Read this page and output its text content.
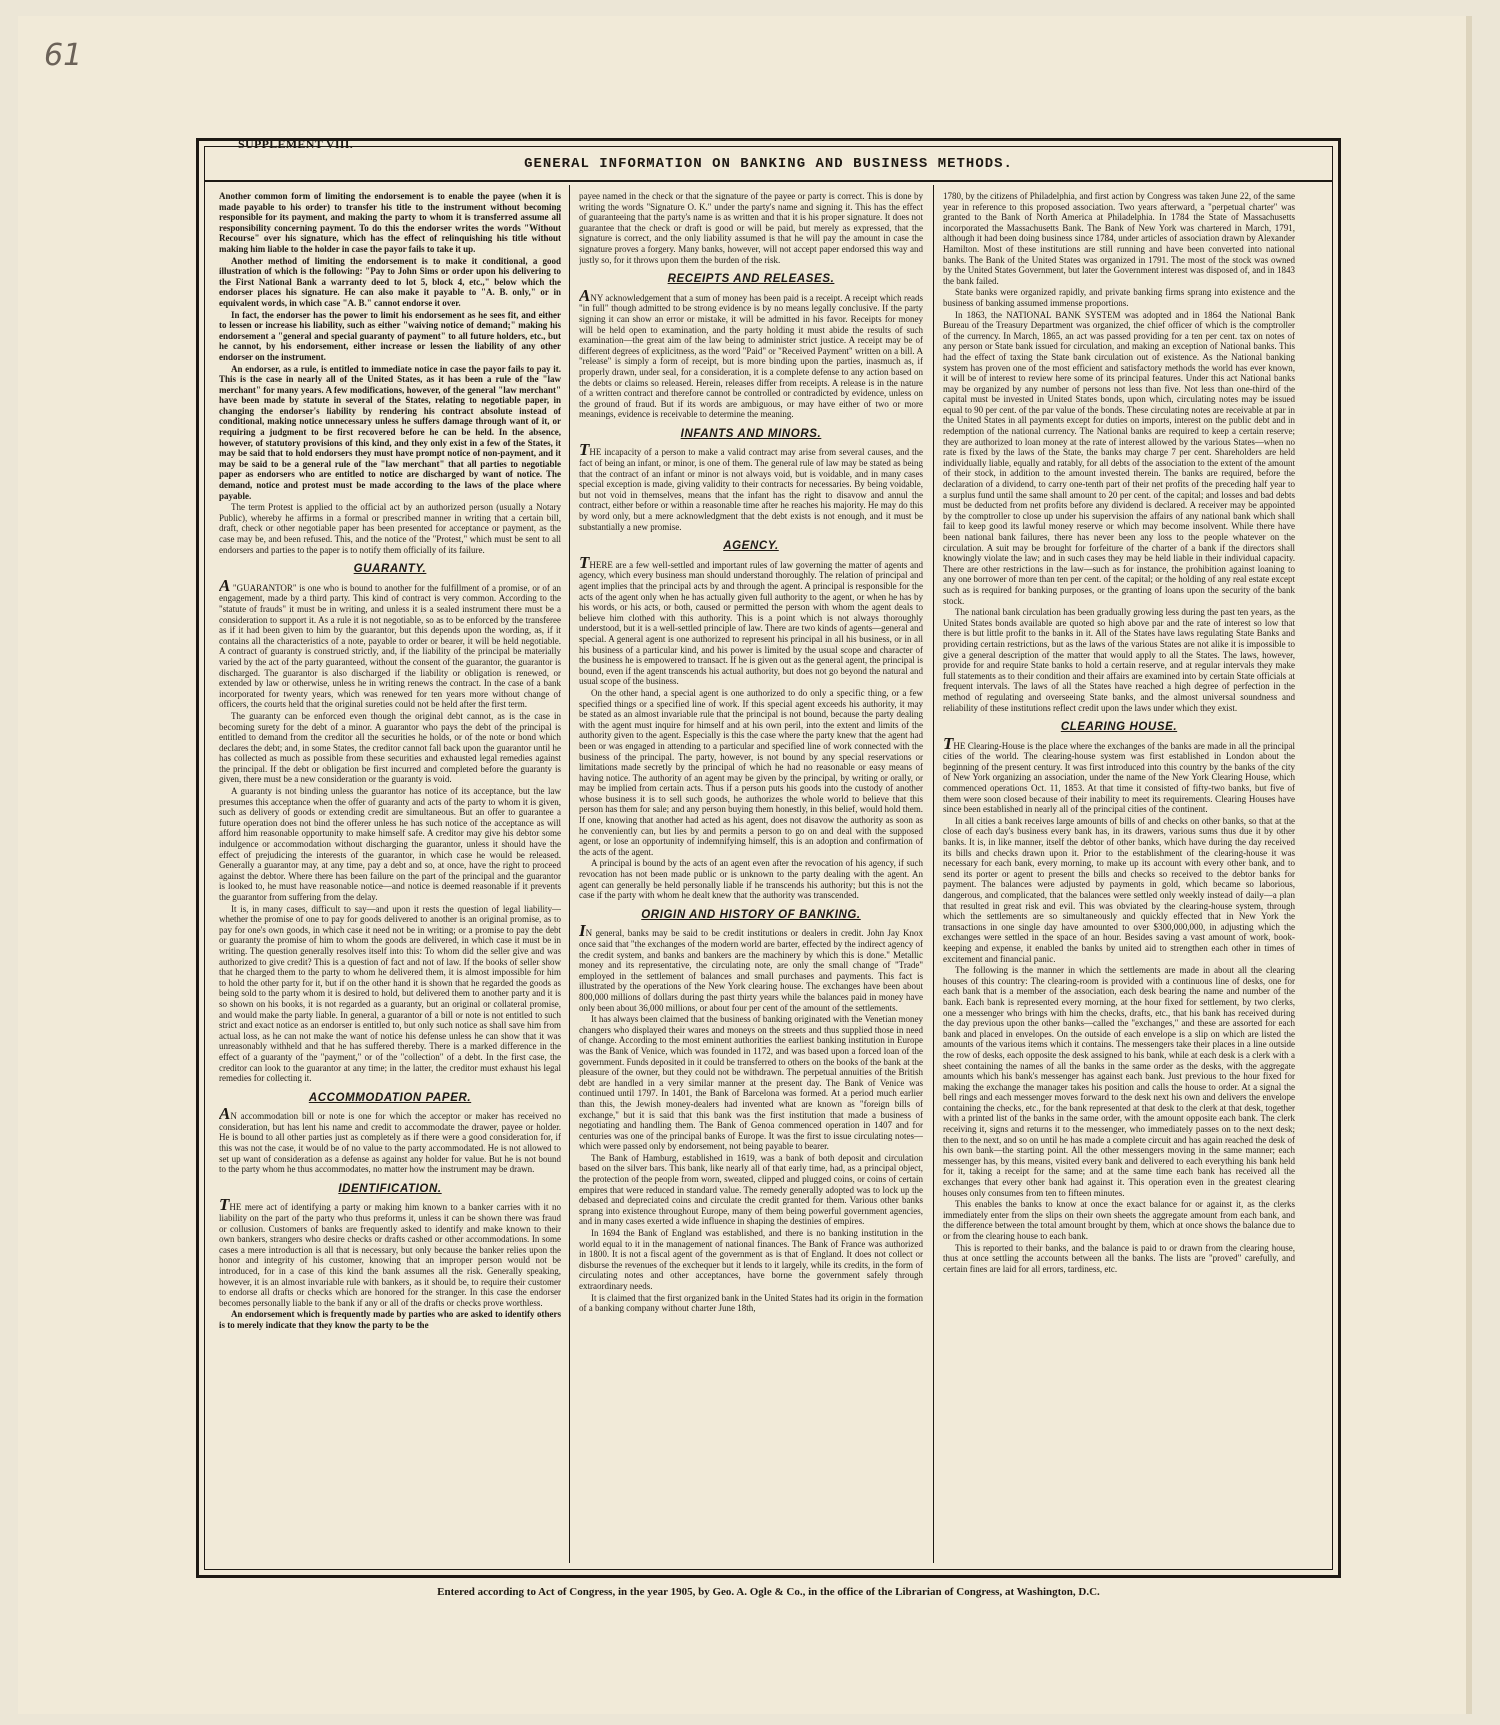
61
SUPPLEMENT VIII.
GENERAL INFORMATION ON BANKING AND BUSINESS METHODS.

Another common form of limiting the endorsement is to enable the payee (when it is made payable to his order) to transfer his title to the instrument without becoming responsible for its payment, and making the party to whom it is transferred assume all responsibility concerning payment. To do this the endorser writes the words "Without Recourse" over his signature, which has the effect of relinquishing his title without making him liable to the holder in case the payor fails to take it up.

Another method of limiting the endorsement is to make it conditional, a good illustration of which is the following: "Pay to John Sims or order upon his delivering to the First National Bank a warranty deed to lot 5, block 4, etc.," below which the endorser places his signature. He can also make it payable to "A. B. only," or in equivalent words, in which case "A. B." cannot endorse it over.

In fact, the endorser has the power to limit his endorsement as he sees fit, and either to lessen or increase his liability, such as either "waiving notice of demand;" making his endorsement a "general and special guaranty of payment" to all future holders, etc., but he cannot, by his endorsement, either increase or lessen the liability of any other endorser on the instrument.

An endorser, as a rule, is entitled to immediate notice in case the payor fails to pay it. This is the case in nearly all of the United States, as it has been a rule of the "law merchant" for many years. A few modifications, however, of the general "law merchant" have been made by statute in several of the States, relating to negotiable paper, in changing the endorser's liability by rendering his contract absolute instead of conditional, making notice unnecessary unless he suffers damage through want of it, or requiring a judgment to be first recovered before he can be held. In the absence, however, of statutory provisions of this kind, and they only exist in a few of the States, it may be said that to hold endorsers they must have prompt notice of non-payment, and it may be said to be a general rule of the "law merchant" that all parties to negotiable paper as endorsers who are entitled to notice are discharged by want of notice. The demand, notice and protest must be made according to the laws of the place where payable.

The term Protest is applied to the official act by an authorized person (usually a Notary Public), whereby he affirms in a formal or prescribed manner in writing that a certain bill, draft, check or other negotiable paper has been presented for acceptance or payment, as the case may be, and been refused. This, and the notice of the "Protest," which must be sent to all endorsers and parties to the paper is to notify them officially of its failure.

GUARANTY.

A "GUARANTOR" is one who is bound to another for the fulfillment of a promise, or of an engagement, made by a third party. This kind of contract is very common. According to the "statute of frauds" it must be in writing, and unless it is a sealed instrument there must be a consideration to support it. As a rule it is not negotiable, so as to be enforced by the transferee as if it had been given to him by the guarantor, but this depends upon the wording, as, if it contains all the characteristics of a note, payable to order or bearer, it will be held negotiable. A contract of guaranty is construed strictly, and, if the liability of the principal be materially varied by the act of the party guaranteed, without the consent of the guarantor, the guarantor is discharged. The guarantor is also discharged if the liability or obligation is renewed, or extended by law or otherwise, unless he in writing renews the contract. In the case of a bank incorporated for twenty years, which was renewed for ten years more without change of officers, the courts held that the original sureties could not be held after the first term.

The guaranty can be enforced even though the original debt cannot, as is the case in becoming surety for the debt of a minor. A guarantor who pays the debt of the principal is entitled to demand from the creditor all the securities he holds, or of the note or bond which declares the debt; and, in some States, the creditor cannot fall back upon the guarantor until he has collected as much as possible from these securities and exhausted legal remedies against the principal. If the debt or obligation be first incurred and completed before the guaranty is given, there must be a new consideration or the guaranty is void.

A guaranty is not binding unless the guarantor has notice of its acceptance, but the law presumes this acceptance when the offer of guaranty and acts of the party to whom it is given, such as delivery of goods or extending credit are simultaneous. But an offer to guarantee a future operation does not bind the offerer unless he has such notice of the acceptance as will afford him reasonable opportunity to make himself safe. A creditor may give his debtor some indulgence or accommodation without discharging the guarantor, unless it should have the effect of prejudicing the interests of the guarantor, in which case he would be released. Generally a guarantor may, at any time, pay a debt and so, at once, have the right to proceed against the debtor. Where there has been failure on the part of the principal and the guarantor is looked to, he must have reasonable notice—and notice is deemed reasonable if it prevents the guarantor from suffering from the delay.

It is, in many cases, difficult to say—and upon it rests the question of legal liability—whether the promise of one to pay for goods delivered to another is an original promise, as to pay for one's own goods, in which case it need not be in writing; or a promise to pay the debt or guaranty the promise of him to whom the goods are delivered, in which case it must be in writing. The question generally resolves itself into this: To whom did the seller give and was authorized to give credit? This is a question of fact and not of law. If the books of seller show that he charged them to the party to whom he delivered them, it is almost impossible for him to hold the other party for it, but if on the other hand it is shown that he regarded the goods as being sold to the party whom it is desired to hold, but delivered them to another party and it is so shown on his books, it is not regarded as a guaranty, but an original or collateral promise, and would make the party liable. In general, a guarantor of a bill or note is not entitled to such strict and exact notice as an endorser is entitled to, but only such notice as shall save him from actual loss, as he can not make the want of notice his defense unless he can show that it was unreasonably withheld and that he has suffered thereby. There is a marked difference in the effect of a guaranty of the "payment," or of the "collection" of a debt. In the first case, the creditor can look to the guarantor at any time; in the latter, the creditor must exhaust his legal remedies for collecting it.

ACCOMMODATION PAPER.

AN accommodation bill or note is one for which the acceptor or maker has received no consideration, but has lent his name and credit to accommodate the drawer, payee or holder. He is bound to all other parties just as completely as if there were a good consideration for, if this was not the case, it would be of no value to the party accommodated. He is not allowed to set up want of consideration as a defense as against any holder for value. But he is not bound to the party whom he thus accommodates, no matter how the instrument may be drawn.

IDENTIFICATION.

THE mere act of identifying a party or making him known to a banker carries with it no liability on the part of the party who thus preforms it, unless it can be shown there was fraud or collusion. Customers of banks are frequently asked to identify and make known to their own bankers, strangers who desire checks or drafts cashed or other accommodations. In some cases a mere introduction is all that is necessary, but only because the banker relies upon the honor and integrity of his customer, knowing that an improper person would not be introduced, for in a case of this kind the bank assumes all the risk. Generally speaking, however, it is an almost invariable rule with bankers, as it should be, to require their customer to endorse all drafts or checks which are honored for the stranger. In this case the endorser becomes personally liable to the bank if any or all of the drafts or checks prove worthless.

An endorsement which is frequently made by parties who are asked to identify others is to merely indicate that they know the party to be the

payee named in the check or that the signature of the payee or party is correct. This is done by writing the words "Signature O. K." under the party's name and signing it. This has the effect of guaranteeing that the party's name is as written and that it is his proper signature. It does not guarantee that the check or draft is good or will be paid, but merely as expressed, that the signature is correct, and the only liability assumed is that he will pay the amount in case the signature proves a forgery. Many banks, however, will not accept paper endorsed this way and justly so, for it throws upon them the burden of the risk.

RECEIPTS AND RELEASES.

ANY acknowledgement that a sum of money has been paid is a receipt. A receipt which reads "in full" though admitted to be strong evidence is by no means legally conclusive. If the party signing it can show an error or mistake, it will be admitted in his favor. Receipts for money will be held open to examination, and the party holding it must abide the results of such examination—the great aim of the law being to administer strict justice. A receipt may be of different degrees of explicitness, as the word "Paid" or "Received Payment" written on a bill. A "release" is simply a form of receipt, but is more binding upon the parties, inasmuch as, if properly drawn, under seal, for a consideration, it is a complete defense to any action based on the debts or claims so released. Herein, releases differ from receipts. A release is in the nature of a written contract and therefore cannot be controlled or contradicted by evidence, unless on the ground of fraud. But if its words are ambiguous, or may have either of two or more meanings, evidence is receivable to determine the meaning.

INFANTS AND MINORS.

THE incapacity of a person to make a valid contract may arise from several causes, and the fact of being an infant, or minor, is one of them. The general rule of law may be stated as being that the contract of an infant or minor is not always void, but is voidable, and in many cases special exception is made, giving validity to their contracts for necessaries. By being voidable, but not void in themselves, means that the infant has the right to disavow and annul the contract, either before or within a reasonable time after he reaches his majority. He may do this by word only, but a mere acknowledgment that the debt exists is not enough, and it must be substantially a new promise.

AGENCY.

THERE are a few well-settled and important rules of law governing the matter of agents and agency, which every business man should understand thoroughly. The relation of principal and agent implies that the principal acts by and through the agent. A principal is responsible for the acts of the agent only when he has actually given full authority to the agent, or when he has by his words, or his acts, or both, caused or permitted the person with whom the agent deals to believe him clothed with this authority. This is a point which is not always thoroughly understood, but it is a well-settled principle of law. There are two kinds of agents—general and special. A general agent is one authorized to represent his principal in all his business, or in all his business of a particular kind, and his power is limited by the usual scope and character of the business he is empowered to transact. If he is given out as the general agent, the principal is bound, even if the agent transcends his actual authority, but does not go beyond the natural and usual scope of the business.

On the other hand, a special agent is one authorized to do only a specific thing, or a few specified things or a specified line of work. If this special agent exceeds his authority, it may be stated as an almost invariable rule that the principal is not bound, because the party dealing with the agent must inquire for himself and at his own peril, into the extent and limits of the authority given to the agent. Especially is this the case where the party knew that the agent had been or was engaged in attending to a particular and specified line of work connected with the business of the principal. The party, however, is not bound by any special reservations or limitations made secretly by the principal of which he had no reasonable or easy means of having notice. The authority of an agent may be given by the principal, by writing or orally, or may be implied from certain acts. Thus if a person puts his goods into the custody of another whose business it is to sell such goods, he authorizes the whole world to believe that this person has them for sale; and any person buying them honestly, in this belief, would hold them. If one, knowing that another had acted as his agent, does not disavow the authority as soon as he conveniently can, but lies by and permits a person to go on and deal with the supposed agent, or lose an opportunity of indemnifying himself, this is an adoption and confirmation of the acts of the agent.

A principal is bound by the acts of an agent even after the revocation of his agency, if such revocation has not been made public or is unknown to the party dealing with the agent. An agent can generally be held personally liable if he transcends his authority; but this is not the case if the party with whom he dealt knew that the authority was transcended.

ORIGIN AND HISTORY OF BANKING.

IN general, banks may be said to be credit institutions or dealers in credit. John Jay Knox once said that "the exchanges of the modern world are barter, effected by the indirect agency of the credit system, and banks and bankers are the machinery by which this is done." Metallic money and its representative, the circulating note, are only the small change of "Trade" employed in the settlement of balances and small purchases and payments. This fact is illustrated by the operations of the New York clearing house. The exchanges have been about 800,000 millions of dollars during the past thirty years while the balances paid in money have only been about 36,000 millions, or about four per cent of the amount of the settlements.

It has always been claimed that the business of banking originated with the Venetian money changers who displayed their wares and moneys on the streets and thus supplied those in need of change. According to the most eminent authorities the earliest banking institution in Europe was the Bank of Venice, which was founded in 1172, and was based upon a forced loan of the government. Funds deposited in it could be transferred to others on the books of the bank at the pleasure of the owner, but they could not be withdrawn. The perpetual annuities of the British debt are handled in a very similar manner at the present day. The Bank of Venice was continued until 1797. In 1401, the Bank of Barcelona was formed. At a period much earlier than this, the Jewish money-dealers had invented what are known as "foreign bills of exchange," but it is said that this bank was the first institution that made a business of negotiating and handling them. The Bank of Genoa commenced operation in 1407 and for centuries was one of the principal banks of Europe. It was the first to issue circulating notes—which were passed only by endorsement, not being payable to bearer.

The Bank of Hamburg, established in 1619, was a bank of both deposit and circulation based on the silver bars. This bank, like nearly all of that early time, had, as a principal object, the protection of the people from worn, sweated, clipped and plugged coins, or coins of certain empires that were reduced in standard value. The remedy generally adopted was to lock up the debased and depreciated coins and circulate the credit granted for them. Various other banks sprang into existence throughout Europe, many of them being powerful government agencies, and in many cases exerted a wide influence in shaping the destinies of empires.

In 1694 the Bank of England was established, and there is no banking institution in the world equal to it in the management of national finances. The Bank of France was authorized in 1800. It is not a fiscal agent of the government as is that of England. It does not collect or disburse the revenues of the exchequer but it lends to it largely, while its credits, in the form of circulating notes and other acceptances, have borne the government safely through extraordinary needs.

It is claimed that the first organized bank in the United States had its origin in the formation of a banking company without charter June 18th,

1780, by the citizens of Philadelphia, and first action by Congress was taken June 22, of the same year in reference to this proposed association. Two years afterward, a "perpetual charter" was granted to the Bank of North America at Philadelphia. In 1784 the State of Massachusetts incorporated the Massachusetts Bank. The Bank of New York was chartered in March, 1791, although it had been doing business since 1784, under articles of association drawn by Alexander Hamilton. Most of these institutions are still running and have been converted into national banks. The Bank of the United States was organized in 1791. The most of the stock was owned by the United States Government, but later the Government interest was disposed of, and in 1843 the bank failed.

State banks were organized rapidly, and private banking firms sprang into existence and the business of banking assumed immense proportions.

In 1863, the NATIONAL BANK SYSTEM was adopted and in 1864 the National Bank Bureau of the Treasury Department was organized, the chief officer of which is the comptroller of the currency. In March, 1865, an act was passed providing for a ten per cent. tax on notes of any person or State bank issued for circulation, and making an exception of National banks. This had the effect of taxing the State bank circulation out of existence. As the National banking system has proven one of the most efficient and satisfactory methods the world has ever known, it will be of interest to review here some of its principal features. Under this act National banks may be organized by any number of persons not less than five. Not less than one-third of the capital must be invested in United States bonds, upon which, circulating notes may be issued equal to 90 per cent. of the par value of the bonds. These circulating notes are receivable at par in the United States in all payments except for duties on imports, interest on the public debt and in redemption of the national currency. The National banks are required to keep a certain reserve; they are authorized to loan money at the rate of interest allowed by the various States—when no rate is fixed by the laws of the State, the banks may charge 7 per cent. Shareholders are held individually liable, equally and ratably, for all debts of the association to the extent of the amount of their stock, in addition to the amount invested therein. The banks are required, before the declaration of a dividend, to carry one-tenth part of their net profits of the preceding half year to a surplus fund until the same shall amount to 20 per cent. of the capital; and losses and bad debts must be deducted from net profits before any dividend is declared. A receiver may be appointed by the comptroller to close up under his supervision the affairs of any national bank which shall fail to keep good its lawful money reserve or which may become insolvent. While there have been national bank failures, there has never been any loss to the people whatever on the circulation. A suit may be brought for forfeiture of the charter of a bank if the directors shall knowingly violate the law; and in such cases they may be held liable in their individual capacity. There are other restrictions in the law—such as for instance, the prohibition against loaning to any one borrower of more than ten per cent. of the capital; or the holding of any real estate except such as is required for banking purposes, or the granting of loans upon the security of the bank stock.

The national bank circulation has been gradually growing less during the past ten years, as the United States bonds available are quoted so high above par and the rate of interest so low that there is but little profit to the banks in it. All of the States have laws regulating State Banks and providing certain restrictions, but as the laws of the various States are not alike it is impossible to give a general description of the matter that would apply to all the States. The laws, however, provide for and require State banks to hold a certain reserve, and at regular intervals they make full statements as to their condition and their affairs are examined into by certain State officials at frequent intervals. The laws of all the States have reached a high degree of perfection in the method of regulating and overseeing State banks, and the almost universal soundness and reliability of these institutions reflect credit upon the laws under which they exist.

CLEARING HOUSE.

THE Clearing-House is the place where the exchanges of the banks are made in all the principal cities of the world. The clearing-house system was first established in London about the beginning of the present century. It was first introduced into this country by the banks of the city of New York organizing an association, under the name of the New York Clearing House, which commenced operations Oct. 11, 1853. At that time it consisted of fifty-two banks, but five of them were soon closed because of their inability to meet its requirements. Clearing Houses have since been established in nearly all of the principal cities of the continent.

In all cities a bank receives large amounts of bills of and checks on other banks, so that at the close of each day's business every bank has, in its drawers, various sums thus due it by other banks. It is, in like manner, itself the debtor of other banks, which have during the day received its bills and checks drawn upon it. Prior to the establishment of the clearing-house it was necessary for each bank, every morning, to make up its account with every other bank, and to send its porter or agent to present the bills and checks so received to the debtor banks for payment. The balances were adjusted by payments in gold, which became so laborious, dangerous, and complicated, that the balances were settled only weekly instead of daily—a plan that resulted in great risk and evil. This was obviated by the clearing-house system, through which the settlements are so simultaneously and quickly effected that in New York the transactions in one single day have amounted to over $300,000,000, in adjusting which the exchanges were settled in the space of an hour. Besides saving a vast amount of work, book-keeping and expense, it enabled the banks by united aid to strengthen each other in times of excitement and financial panic.

The following is the manner in which the settlements are made in about all the clearing houses of this country: The clearing-room is provided with a continuous line of desks, one for each bank that is a member of the association, each desk bearing the name and number of the bank. Each bank is represented every morning, at the hour fixed for settlement, by two clerks, one a messenger who brings with him the checks, drafts, etc., that his bank has received during the day previous upon the other banks—called the "exchanges," and these are assorted for each bank and placed in envelopes. On the outside of each envelope is a slip on which are listed the amounts of the various items which it contains. The messengers take their places in a line outside the row of desks, each opposite the desk assigned to his bank, while at each desk is a clerk with a sheet containing the names of all the banks in the same order as the desks, with the aggregate amounts which his bank's messenger has against each bank. Just previous to the hour fixed for making the exchange the manager takes his position and calls the house to order. At a signal the bell rings and each messenger moves forward to the desk next his own and delivers the envelope containing the checks, etc., for the bank represented at that desk to the clerk at that desk, together with a printed list of the banks in the same order, with the amount opposite each bank. The clerk receiving it, signs and returns it to the messenger, who immediately passes on to the next desk; then to the next, and so on until he has made a complete circuit and has again reached the desk of his own bank—the starting point. All the other messengers moving in the same manner; each messenger has, by this means, visited every bank and delivered to each everything his bank held for it, taking a receipt for the same; and at the same time each bank has received all the exchanges that every other bank had against it. This operation even in the greatest clearing houses only consumes from ten to fifteen minutes.

This enables the banks to know at once the exact balance for or against it, as the clerks immediately enter from the slips on their own sheets the aggregate amount from each bank, and the difference between the total amount brought by them, which at once shows the balance due to or from the clearing house to each bank.

This is reported to their banks, and the balance is paid to or drawn from the clearing house, thus at once settling the accounts between all the banks. The lists are "proved" carefully, and certain fines are laid for all errors, tardiness, etc.

Entered according to Act of Congress, in the year 1905, by Geo. A. Ogle & Co., in the office of the Librarian of Congress, at Washington, D.C.
